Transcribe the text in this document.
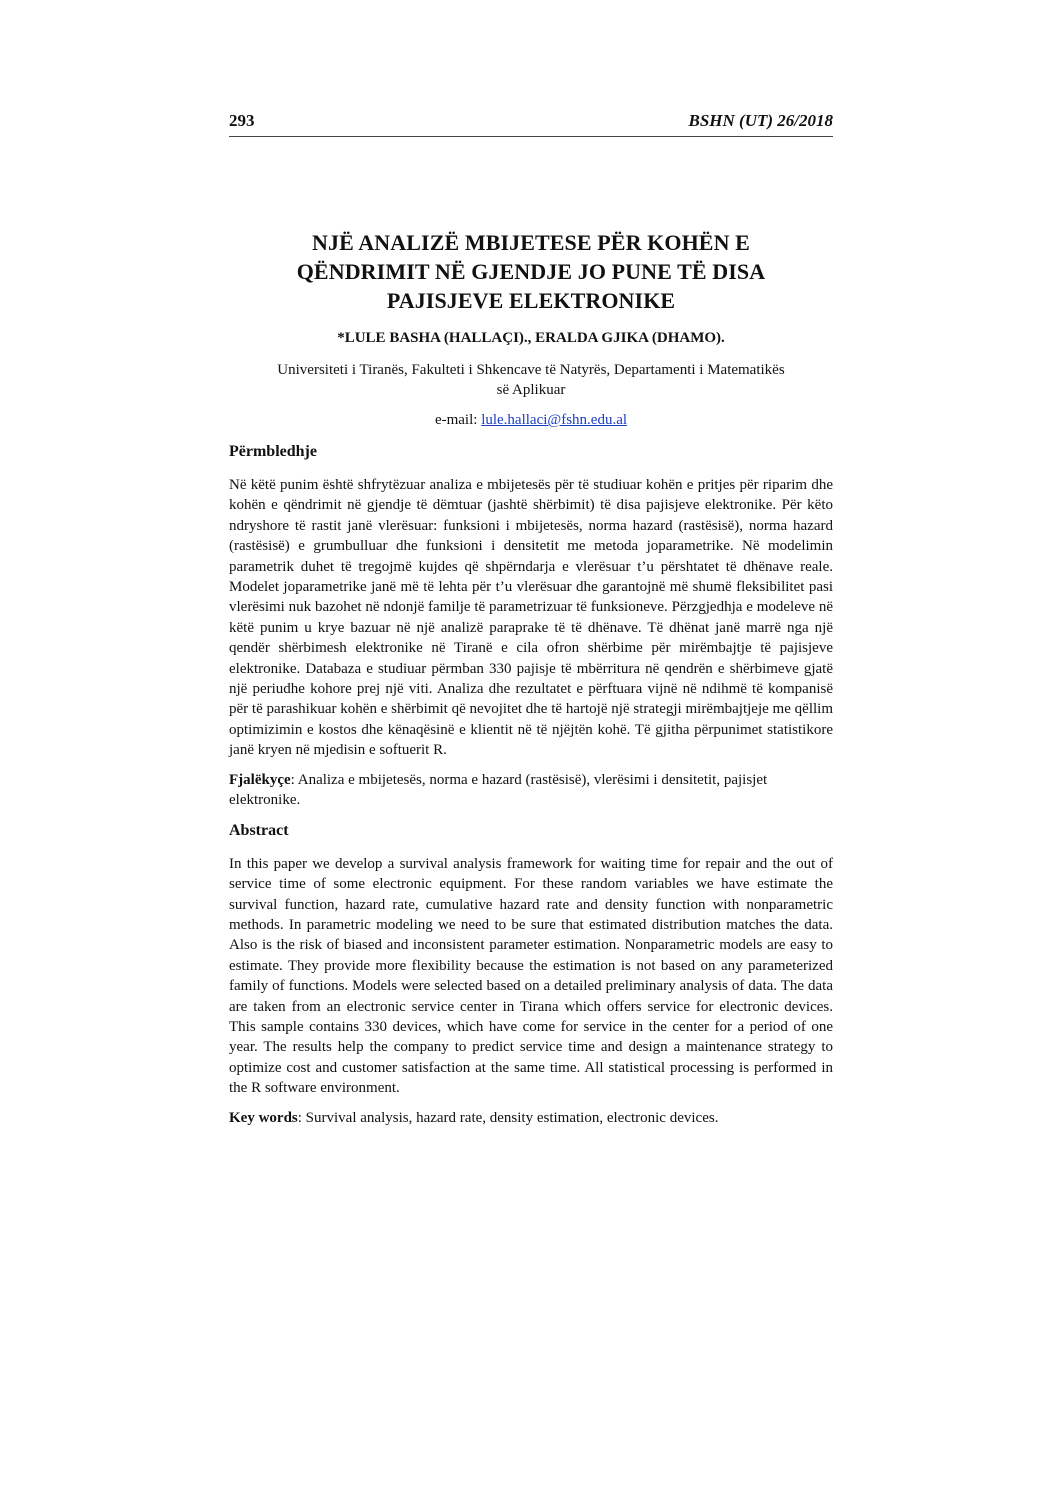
293	BSHN (UT) 26/2018
NJË ANALIZË MBIJETESE PËR KOHËN E
QËNDRIMIT NË GJENDJE JO PUNE TË DISA
PAJISJEVE ELEKTRONIKE
*LULE BASHA (HALLAÇI)., ERALDA GJIKA (DHAMO).
Universiteti i Tiranës, Fakulteti i Shkencave të Natyrës, Departamenti i Matematikës
së Aplikuar
e-mail: lule.hallaci@fshn.edu.al
Përmbledhje
Në këtë punim është shfrytëzuar analiza e mbijetesës për të studiuar kohën e pritjes për riparim dhe kohën e qëndrimit në gjendje të dëmtuar (jashtë shërbimit) të disa pajisjeve elektronike. Për këto ndryshore të rastit janë vlerësuar: funksioni i mbijetesës, norma hazard (rastësisë), norma hazard (rastësisë) e grumbulluar dhe funksioni i densitetit me metoda joparametrike. Në modelimin parametrik duhet të tregojmë kujdes që shpërndarja e vlerësuar t’u përshtatet të dhënave reale. Modelet joparametrike janë më të lehta për t’u vlerësuar dhe garantojnë më shumë fleksibilitet pasi vlerësimi nuk bazohet në ndonjë familje të parametrizuar të funksioneve. Përzgjedhja e modeleve në këtë punim u krye bazuar në një analizë paraprake të të dhënave. Të dhënat janë marrë nga një qendër shërbimesh elektronike në Tiranë e cila ofron shërbime për mirëmbajtje të pajisjeve elektronike. Databaza e studiuar përmban 330 pajisje të mbërritura në qendrën e shërbimeve gjatë një periudhe kohore prej një viti. Analiza dhe rezultatet e përftuara vijnë në ndihmë të kompanisë për të parashikuar kohën e shërbimit që nevojitet dhe të hartojë një strategji mirëmbajtjeje me qëllim optimizimin e kostos dhe kënaqësinë e klientit në të njëjtën kohë. Të gjitha përpunimet statistikore janë kryen në mjedisin e softuerit R.
Fjalëkyçe: Analiza e mbijetesës, norma e hazard (rastësisë), vlerësimi i densitetit, pajisjet elektronike.
Abstract
In this paper we develop a survival analysis framework for waiting time for repair and the out of service time of some electronic equipment. For these random variables we have estimate the survival function, hazard rate, cumulative hazard rate and density function with nonparametric methods. In parametric modeling we need to be sure that estimated distribution matches the data. Also is the risk of biased and inconsistent parameter estimation. Nonparametric models are easy to estimate. They provide more flexibility because the estimation is not based on any parameterized family of functions. Models were selected based on a detailed preliminary analysis of data. The data are taken from an electronic service center in Tirana which offers service for electronic devices. This sample contains 330 devices, which have come for service in the center for a period of one year. The results help the company to predict service time and design a maintenance strategy to optimize cost and customer satisfaction at the same time. All statistical processing is performed in the R software environment.
Key words: Survival analysis, hazard rate, density estimation, electronic devices.
